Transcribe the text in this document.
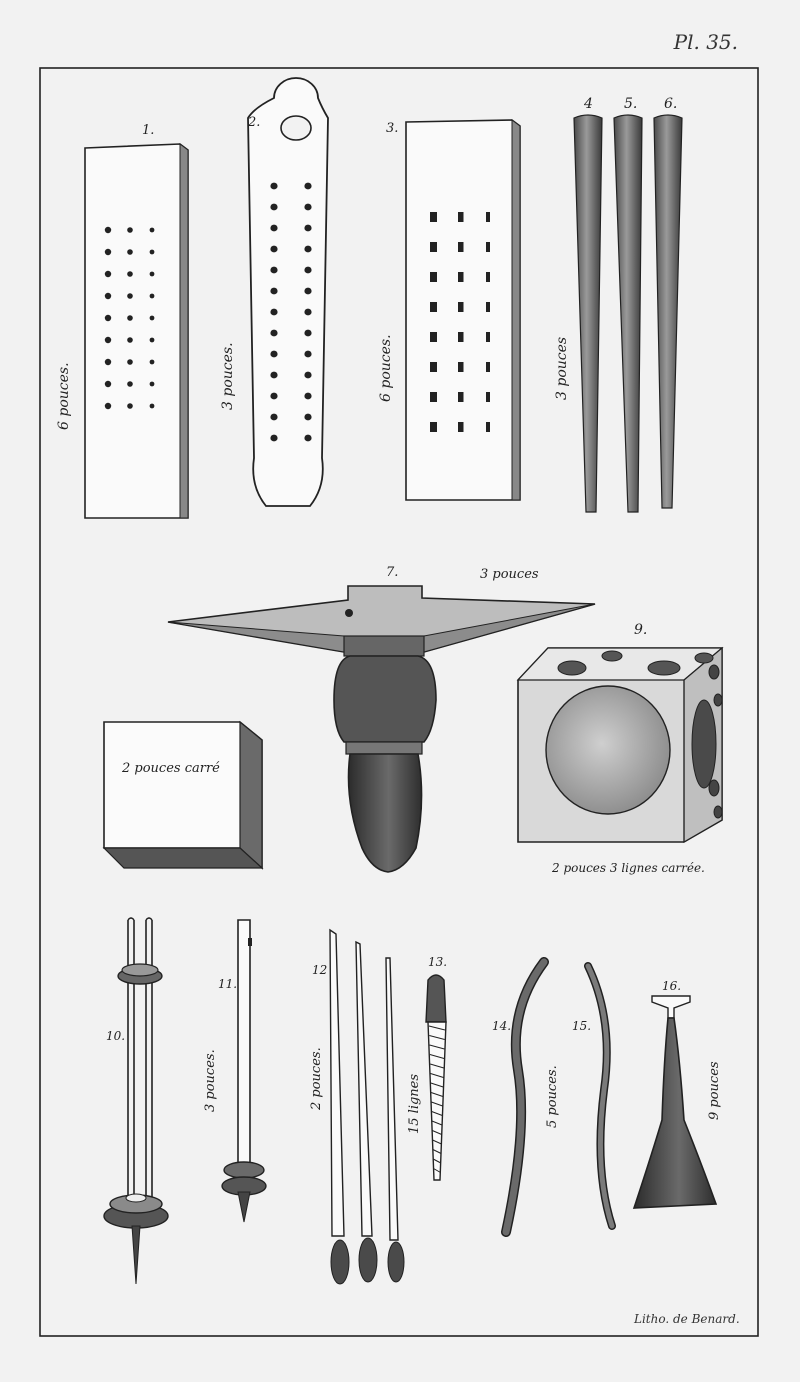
Pl. 35.
1.
6 pouces.
2.
3 pouces.
3.
6 pouces.
4 5. 6.
3 pouces
7.	3 pouces
2 pouces carré
9.
2 pouces 3 lignes carrée.
10.
11.
3 pouces.
12
2 pouces.
13.
15 lignes
14.
5 pouces.
15.
16.
9 pouces
Litho. de Benard.
